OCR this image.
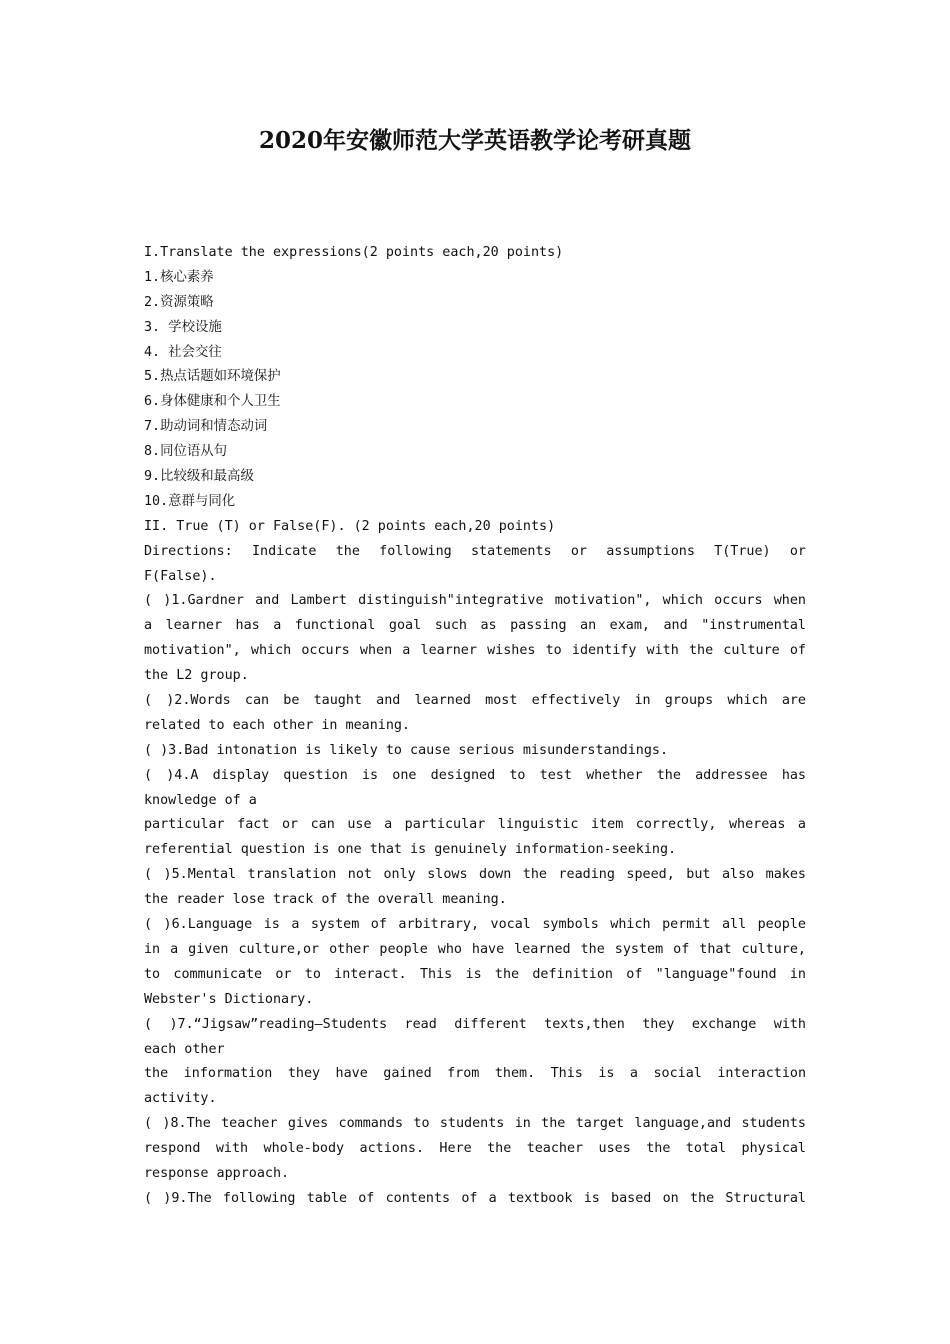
2020年安徽师范大学英语教学论考研真题
I.Translate the expressions(2 points each,20 points)
1.核心素养
2.资源策略
3. 学校设施
4. 社会交往
5.热点话题如环境保护
6.身体健康和个人卫生
7.助动词和情态动词
8.同位语从句
9.比较级和最高级
10.意群与同化
II. True (T) or False(F). (2 points each,20 points)
Directions: Indicate the following statements or assumptions T(True) or
F(False).
( )1.Gardner and Lambert distinguish"integrative motivation", which occurs when
a learner has a functional goal such as passing an exam, and "instrumental
motivation", which occurs when a learner wishes to identify with the culture of
the L2 group.
( )2.Words can be taught and learned most effectively in groups which are
related to each other in meaning.
( )3.Bad intonation is likely to cause serious misunderstandings.
( )4.A display question is one designed to test whether the addressee has
knowledge of a
particular fact or can use a particular linguistic item correctly, whereas a
referential question is one that is genuinely information-seeking.
( )5.Mental translation not only slows down the reading speed, but also makes
the reader lose track of the overall meaning.
( )6.Language is a system of arbitrary, vocal symbols which permit all people
in a given culture,or other people who have learned the system of that culture,
to communicate or to interact. This is the definition of "language"found in
Webster's Dictionary.
( )7.“Jigsaw”reading—Students read different texts,then they exchange with
each other
the information they have gained from them. This is a social interaction
activity.
( )8.The teacher gives commands to students in the target language,and students
respond with whole-body actions. Here the teacher uses the total physical
response approach.
( )9.The following table of contents of a textbook is based on the Structural
